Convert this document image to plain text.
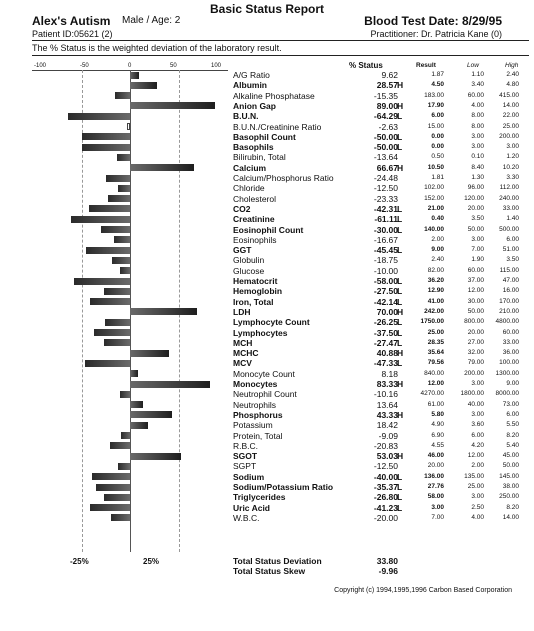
Basic Status Report
Alex's Autism Male / Age: 2
Patient ID:05621 (2)
Blood Test Date: 8/29/95
Practitioner: Dr. Patricia Kane (0)
The % Status is the weighted deviation of the laboratory result.
-100	-50	0	50	100	% Status	Result	Low	High
A/G Ratio	9.62	1.87	1.10	2.40
Albumin	28.57 H	4.50	3.40	4.80
Alkaline Phosphatase	-15.35	183.00	60.00	415.00
Anion Gap	89.00 H	17.90	4.00	14.00
B.U.N.	-64.29 L	6.00	8.00	22.00
B.U.N./Creatinine Ratio	-2.63	15.00	8.00	25.00
Basophil Count	-50.00 L	0.00	3.00	200.00
Basophils	-50.00 L	0.00	3.00	3.00
Bilirubin, Total	-13.64	0.50	0.10	1.20
Calcium	66.67 H	10.50	8.40	10.20
Calcium/Phosphorus Ratio	-24.48	1.81	1.30	3.30
Chloride	-12.50	102.00	96.00	112.00
Cholesterol	-23.33	152.00	120.00	240.00
CO2	-42.31 L	21.00	20.00	33.00
Creatinine	-61.11 L	0.40	3.50	1.40
Eosinophil Count	-30.00 L	140.00	50.00	500.00
Eosinophils	-16.67	2.00	3.00	6.00
GGT	-45.45 L	9.00	7.00	51.00
Globulin	-18.75	2.40	1.90	3.50
Glucose	-10.00	82.00	60.00	115.00
Hematocrit	-58.00 L	36.20	37.00	47.00
Hemoglobin	-27.50 L	12.90	12.00	16.00
Iron, Total	-42.14 L	41.00	30.00	170.00
LDH	70.00 H	242.00	50.00	210.00
Lymphocyte Count	-26.25 L	1750.00	800.00	4800.00
Lymphocytes	-37.50 L	25.00	20.00	60.00
MCH	-27.47 L	28.35	27.00	33.00
MCHC	40.88 H	35.64	32.00	36.00
MCV	-47.33 L	79.56	79.00	100.00
Monocyte Count	8.18	840.00	200.00	1300.00
Monocytes	83.33 H	12.00	3.00	9.00
Neutrophil Count	-10.16	4270.00	1800.00	8000.00
Neutrophils	13.64	61.00	40.00	73.00
Phosphorus	43.33 H	5.80	3.00	6.00
Potassium	18.42	4.90	3.60	5.50
Protein, Total	-9.09	6.90	6.00	8.20
R.B.C.	-20.83	4.55	4.20	5.40
SGOT	53.03 H	46.00	12.00	45.00
SGPT	-12.50	20.00	2.00	50.00
Sodium	-40.00 L	136.00	135.00	145.00
Sodium/Potassium Ratio	-35.37 L	27.76	25.00	38.00
Triglycerides	-26.80 L	58.00	3.00	250.00
Uric Acid	-41.23 L	3.00	2.50	8.20
W.B.C.	-20.00	7.00	4.00	14.00
-25%	25%	Total Status Deviation	33.80
Total Status Skew	-9.96
Copyright (c) 1994,1995,1996 Carbon Based Corporation
